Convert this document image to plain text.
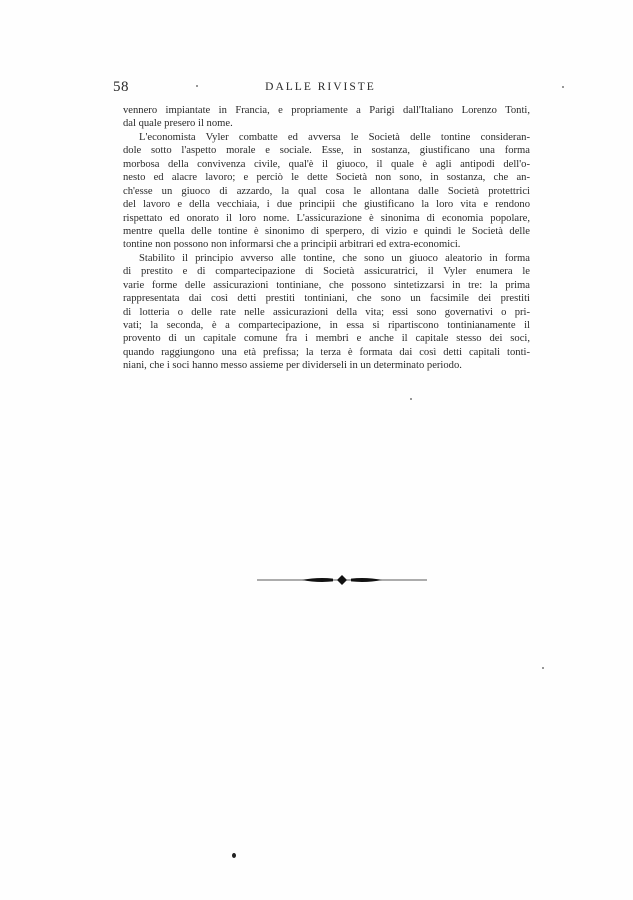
58	DALLE RIVISTE
vennero impiantate in Francia, e propriamente a Parigi dall'Italiano Lorenzo Tonti,
dal quale presero il nome.
L'economista Vyler combatte ed avversa le Società delle tontine consideran-
dole sotto l'aspetto morale e sociale. Esse, in sostanza, giustificano una forma
morbosa della convivenza civile, qual'è il giuoco, il quale è agli antipodi dell'o-
nesto ed alacre lavoro; e perciò le dette Società non sono, in sostanza, che an-
ch'esse un giuoco di azzardo, la qual cosa le allontana dalle Società protettrici
del lavoro e della vecchiaia, i due principii che giustificano la loro vita e rendono
rispettato ed onorato il loro nome. L'assicurazione è sinonima di economia popolare,
mentre quella delle tontine è sinonimo di sperpero, di vizio e quindi le Società delle
tontine non possono non informarsi che a principii arbitrari ed extra-economici.
Stabilito il principio avverso alle tontine, che sono un giuoco aleatorio in forma
di prestito e di compartecipazione di Società assicuratrici, il Vyler enumera le
varie forme delle assicurazioni tontiniane, che possono sintetizzarsi in tre: la prima
rappresentata dai così detti prestiti tontiniani, che sono un facsimile dei prestiti
di lotteria o delle rate nelle assicurazioni della vita; essi sono governativi o pri-
vati; la seconda, è a compartecipazione, in essa si ripartiscono tontinianamente il
provento di un capitale comune fra i membri e anche il capitale stesso dei soci,
quando raggiungono una età prefissa; la terza è formata dai così detti capitali tonti-
niani, che i soci hanno messo assieme per dividerseli in un determinato periodo.
